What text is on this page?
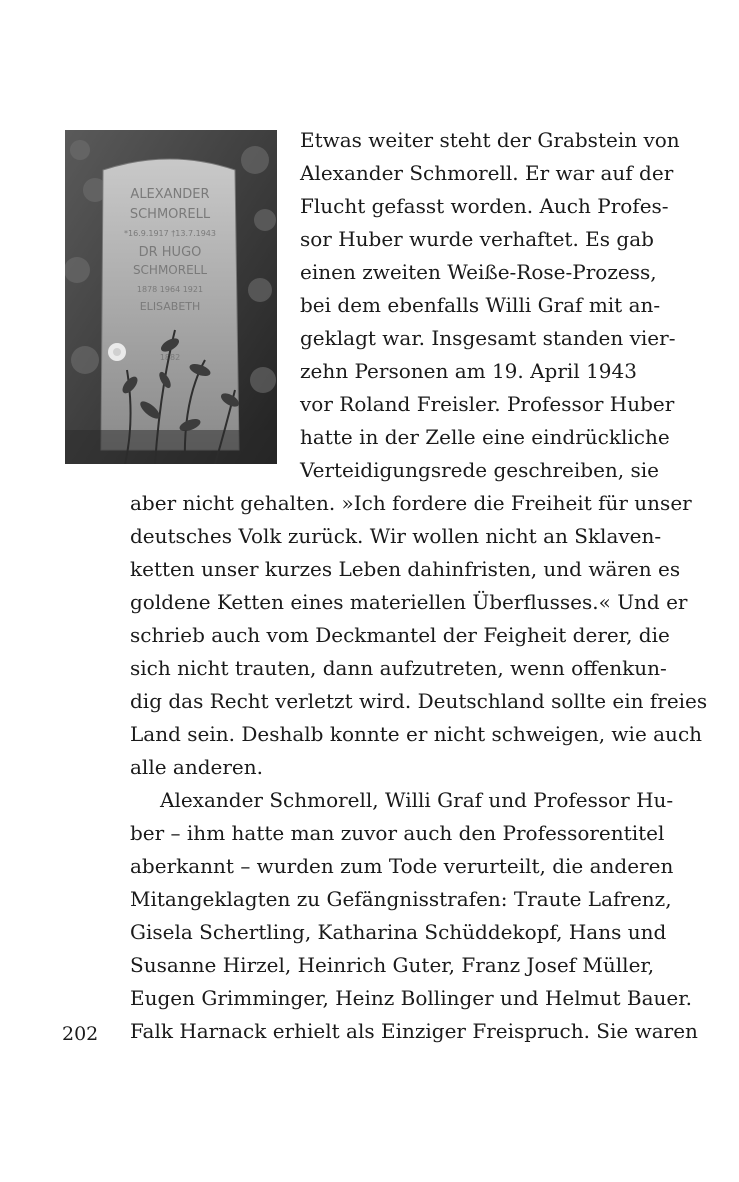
ALEXANDER
SCHMORELL
*16.9.1917 †13.7.1943
DR HUGO
SCHMORELL
1878 1964 1921
ELISABETH
1882
Etwas weiter steht der Grabstein von
Alexander Schmorell. Er war auf der
Flucht gefasst worden. Auch Profes-
sor Huber wurde verhaftet. Es gab
einen zweiten Weiße-Rose-Prozess,
bei dem ebenfalls Willi Graf mit an-
geklagt war. Insgesamt standen vier-
zehn Personen am 19. April 1943
vor Roland Freisler. Professor Huber
hatte in der Zelle eine eindrückliche
Verteidigungsrede geschreiben, sie
aber nicht gehalten. »Ich fordere die Freiheit für unser
deutsches Volk zurück. Wir wollen nicht an Sklaven-
ketten unser kurzes Leben dahinfristen, und wären es
goldene Ketten eines materiellen Überflusses.« Und er
schrieb auch vom Deckmantel der Feigheit derer, die
sich nicht trauten, dann aufzutreten, wenn offenkun-
dig das Recht verletzt wird. Deutschland sollte ein freies
Land sein. Deshalb konnte er nicht schweigen, wie auch
alle anderen.
Alexander Schmorell, Willi Graf und Professor Hu-
ber – ihm hatte man zuvor auch den Professorentitel
aberkannt – wurden zum Tode verurteilt, die anderen
Mitangeklagten zu Gefängnisstrafen: Traute Lafrenz,
Gisela Schertling, Katharina Schüddekopf, Hans und
Susanne Hirzel, Heinrich Guter, Franz Josef Müller,
Eugen Grimminger, Heinz Bollinger und Helmut Bauer.
Falk Harnack erhielt als Einziger Freispruch. Sie waren
202
